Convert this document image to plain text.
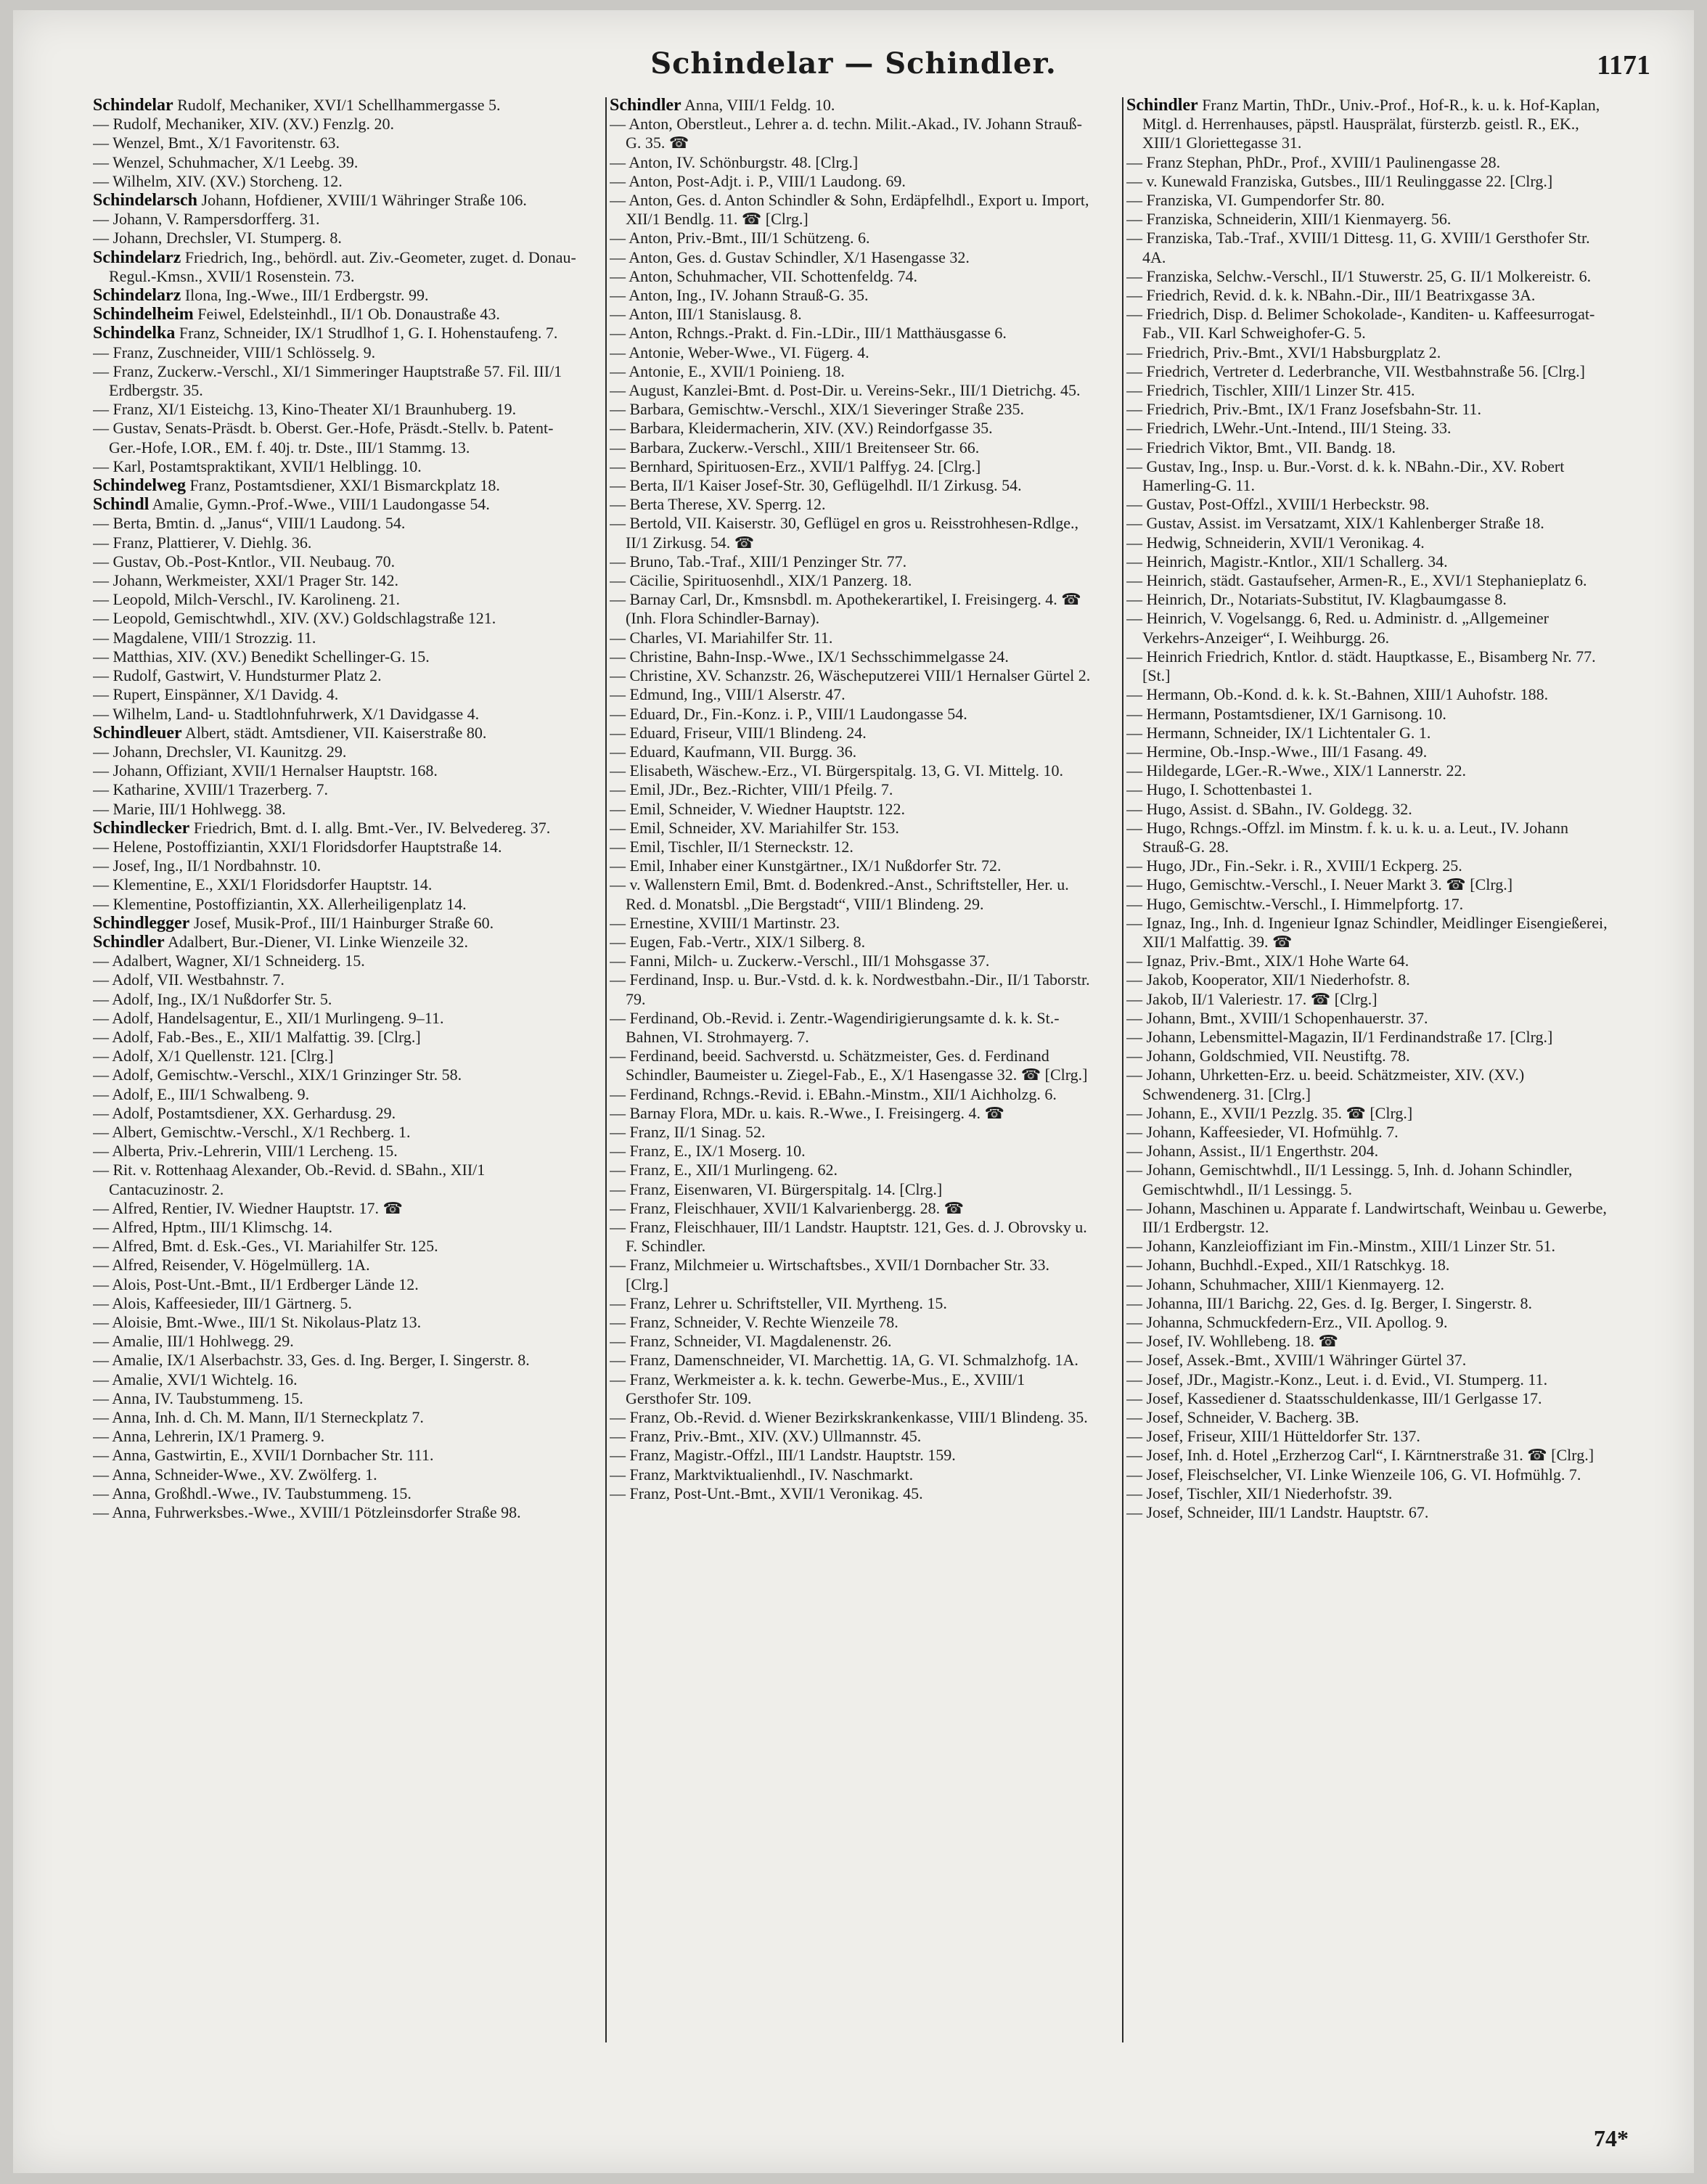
Schindelar — Schindler.	1171

Schindelar Rudolf, Mechaniker, XVI/1 Schellhammergasse 5.

— Rudolf, Mechaniker, XIV. (XV.) Fenzlg. 20.

— Wenzel, Bmt., X/1 Favoritenstr. 63.

— Wenzel, Schuhmacher, X/1 Leebg. 39.

— Wilhelm, XIV. (XV.) Storcheng. 12.

Schindelarsch Johann, Hofdiener, XVIII/1 Währinger Straße 106.

— Johann, V. Rampersdorfferg. 31.

— Johann, Drechsler, VI. Stumperg. 8.

Schindelarz Friedrich, Ing., behördl. aut. Ziv.-Geometer, zuget. d. Donau-Regul.-Kmsn., XVII/1 Rosenstein. 73.

Schindelarz Ilona, Ing.-Wwe., III/1 Erdbergstr. 99.

Schindelheim Feiwel, Edelsteinhdl., II/1 Ob. Donaustraße 43.

Schindelka Franz, Schneider, IX/1 Strudlhof 1, G. I. Hohenstaufeng. 7.

— Franz, Zuschneider, VIII/1 Schlösselg. 9.

— Franz, Zuckerw.-Verschl., XI/1 Simmeringer Hauptstraße 57. Fil. III/1 Erdbergstr. 35.

— Franz, XI/1 Eisteichg. 13, Kino-Theater XI/1 Braunhuberg. 19.

— Gustav, Senats-Präsdt. b. Oberst. Ger.-Hofe, Präsdt.-Stellv. b. Patent-Ger.-Hofe, I.OR., EM. f. 40j. tr. Dste., III/1 Stammg. 13.

— Karl, Postamtspraktikant, XVII/1 Helblingg. 10.

Schindelweg Franz, Postamtsdiener, XXI/1 Bismarckplatz 18.

Schindl Amalie, Gymn.-Prof.-Wwe., VIII/1 Laudongasse 54.

— Berta, Bmtin. d. „Janus“, VIII/1 Laudong. 54.

— Franz, Plattierer, V. Diehlg. 36.

— Gustav, Ob.-Post-Kntlor., VII. Neubaug. 70.

— Johann, Werkmeister, XXI/1 Prager Str. 142.

— Leopold, Milch-Verschl., IV. Karolineng. 21.

— Leopold, Gemischtwhdl., XIV. (XV.) Goldschlagstraße 121.

— Magdalene, VIII/1 Strozzig. 11.

— Matthias, XIV. (XV.) Benedikt Schellinger-G. 15.

— Rudolf, Gastwirt, V. Hundsturmer Platz 2.

— Rupert, Einspänner, X/1 Davidg. 4.

— Wilhelm, Land- u. Stadtlohnfuhrwerk, X/1 Davidgasse 4.

Schindleuer Albert, städt. Amtsdiener, VII. Kaiserstraße 80.

— Johann, Drechsler, VI. Kaunitzg. 29.

— Johann, Offiziant, XVII/1 Hernalser Hauptstr. 168.

— Katharine, XVIII/1 Trazerberg. 7.

— Marie, III/1 Hohlwegg. 38.

Schindlecker Friedrich, Bmt. d. I. allg. Bmt.-Ver., IV. Belvedereg. 37.

— Helene, Postoffiziantin, XXI/1 Floridsdorfer Hauptstraße 14.

— Josef, Ing., II/1 Nordbahnstr. 10.

— Klementine, E., XXI/1 Floridsdorfer Hauptstr. 14.

— Klementine, Postoffiziantin, XX. Allerheiligenplatz 14.

Schindlegger Josef, Musik-Prof., III/1 Hainburger Straße 60.

Schindler Adalbert, Bur.-Diener, VI. Linke Wienzeile 32.

— Adalbert, Wagner, XI/1 Schneiderg. 15.

— Adolf, VII. Westbahnstr. 7.

— Adolf, Ing., IX/1 Nußdorfer Str. 5.

— Adolf, Handelsagentur, E., XII/1 Murlingeng. 9–11.

— Adolf, Fab.-Bes., E., XII/1 Malfattig. 39. [Clrg.]

— Adolf, X/1 Quellenstr. 121. [Clrg.]

— Adolf, Gemischtw.-Verschl., XIX/1 Grinzinger Str. 58.

— Adolf, E., III/1 Schwalbeng. 9.

— Adolf, Postamtsdiener, XX. Gerhardusg. 29.

— Albert, Gemischtw.-Verschl., X/1 Rechberg. 1.

— Alberta, Priv.-Lehrerin, VIII/1 Lercheng. 15.

— Rit. v. Rottenhaag Alexander, Ob.-Revid. d. SBahn., XII/1 Cantacuzinostr. 2.

— Alfred, Rentier, IV. Wiedner Hauptstr. 17. ☎

— Alfred, Hptm., III/1 Klimschg. 14.

— Alfred, Bmt. d. Esk.-Ges., VI. Mariahilfer Str. 125.

— Alfred, Reisender, V. Högelmüllerg. 1A.

— Alois, Post-Unt.-Bmt., II/1 Erdberger Lände 12.

— Alois, Kaffeesieder, III/1 Gärtnerg. 5.

— Aloisie, Bmt.-Wwe., III/1 St. Nikolaus-Platz 13.

— Amalie, III/1 Hohlwegg. 29.

— Amalie, IX/1 Alserbachstr. 33, Ges. d. Ing. Berger, I. Singerstr. 8.

— Amalie, XVI/1 Wichtelg. 16.

— Anna, IV. Taubstummeng. 15.

— Anna, Inh. d. Ch. M. Mann, II/1 Sterneckplatz 7.

— Anna, Lehrerin, IX/1 Pramerg. 9.

— Anna, Gastwirtin, E., XVII/1 Dornbacher Str. 111.

— Anna, Schneider-Wwe., XV. Zwölferg. 1.

— Anna, Großhdl.-Wwe., IV. Taubstummeng. 15.

— Anna, Fuhrwerksbes.-Wwe., XVIII/1 Pötzleinsdorfer Straße 98.

Schindler Anna, VIII/1 Feldg. 10.

— Anton, Oberstleut., Lehrer a. d. techn. Milit.-Akad., IV. Johann Strauß-G. 35. ☎

— Anton, IV. Schönburgstr. 48. [Clrg.]

— Anton, Post-Adjt. i. P., VIII/1 Laudong. 69.

— Anton, Ges. d. Anton Schindler & Sohn, Erdäpfelhdl., Export u. Import, XII/1 Bendlg. 11. ☎ [Clrg.]

— Anton, Priv.-Bmt., III/1 Schützeng. 6.

— Anton, Ges. d. Gustav Schindler, X/1 Hasengasse 32.

— Anton, Schuhmacher, VII. Schottenfeldg. 74.

— Anton, Ing., IV. Johann Strauß-G. 35.

— Anton, III/1 Stanislausg. 8.

— Anton, Rchngs.-Prakt. d. Fin.-LDir., III/1 Matthäusgasse 6.

— Antonie, Weber-Wwe., VI. Fügerg. 4.

— Antonie, E., XVII/1 Poinieng. 18.

— August, Kanzlei-Bmt. d. Post-Dir. u. Vereins-Sekr., III/1 Dietrichg. 45.

— Barbara, Gemischtw.-Verschl., XIX/1 Sieveringer Straße 235.

— Barbara, Kleidermacherin, XIV. (XV.) Reindorfgasse 35.

— Barbara, Zuckerw.-Verschl., XIII/1 Breitenseer Str. 66.

— Bernhard, Spirituosen-Erz., XVII/1 Palffyg. 24. [Clrg.]

— Berta, II/1 Kaiser Josef-Str. 30, Geflügelhdl. II/1 Zirkusg. 54.

— Berta Therese, XV. Sperrg. 12.

— Bertold, VII. Kaiserstr. 30, Geflügel en gros u. Reisstrohhesen-Rdlge., II/1 Zirkusg. 54. ☎

— Bruno, Tab.-Traf., XIII/1 Penzinger Str. 77.

— Cäcilie, Spirituosenhdl., XIX/1 Panzerg. 18.

— Barnay Carl, Dr., Kmsnsbdl. m. Apothekerartikel, I. Freisingerg. 4. ☎ (Inh. Flora Schindler-Barnay).

— Charles, VI. Mariahilfer Str. 11.

— Christine, Bahn-Insp.-Wwe., IX/1 Sechsschimmelgasse 24.

— Christine, XV. Schanzstr. 26, Wäscheputzerei VIII/1 Hernalser Gürtel 2.

— Edmund, Ing., VIII/1 Alserstr. 47.

— Eduard, Dr., Fin.-Konz. i. P., VIII/1 Laudongasse 54.

— Eduard, Friseur, VIII/1 Blindeng. 24.

— Eduard, Kaufmann, VII. Burgg. 36.

— Elisabeth, Wäschew.-Erz., VI. Bürgerspitalg. 13, G. VI. Mittelg. 10.

— Emil, JDr., Bez.-Richter, VIII/1 Pfeilg. 7.

— Emil, Schneider, V. Wiedner Hauptstr. 122.

— Emil, Schneider, XV. Mariahilfer Str. 153.

— Emil, Tischler, II/1 Sterneckstr. 12.

— Emil, Inhaber einer Kunstgärtner., IX/1 Nußdorfer Str. 72.

— v. Wallenstern Emil, Bmt. d. Bodenkred.-Anst., Schriftsteller, Her. u. Red. d. Monatsbl. „Die Bergstadt“, VIII/1 Blindeng. 29.

— Ernestine, XVIII/1 Martinstr. 23.

— Eugen, Fab.-Vertr., XIX/1 Silberg. 8.

— Fanni, Milch- u. Zuckerw.-Verschl., III/1 Mohsgasse 37.

— Ferdinand, Insp. u. Bur.-Vstd. d. k. k. Nordwestbahn.-Dir., II/1 Taborstr. 79.

— Ferdinand, Ob.-Revid. i. Zentr.-Wagendirigierungsamte d. k. k. St.-Bahnen, VI. Strohmayerg. 7.

— Ferdinand, beeid. Sachverstd. u. Schätzmeister, Ges. d. Ferdinand Schindler, Baumeister u. Ziegel-Fab., E., X/1 Hasengasse 32. ☎ [Clrg.]

— Ferdinand, Rchngs.-Revid. i. EBahn.-Minstm., XII/1 Aichholzg. 6.

— Barnay Flora, MDr. u. kais. R.-Wwe., I. Freisingerg. 4. ☎

— Franz, II/1 Sinag. 52.

— Franz, E., IX/1 Moserg. 10.

— Franz, E., XII/1 Murlingeng. 62.

— Franz, Eisenwaren, VI. Bürgerspitalg. 14. [Clrg.]

— Franz, Fleischhauer, XVII/1 Kalvarienbergg. 28. ☎

— Franz, Fleischhauer, III/1 Landstr. Hauptstr. 121, Ges. d. J. Obrovsky u. F. Schindler.

— Franz, Milchmeier u. Wirtschaftsbes., XVII/1 Dornbacher Str. 33. [Clrg.]

— Franz, Lehrer u. Schriftsteller, VII. Myrtheng. 15.

— Franz, Schneider, V. Rechte Wienzeile 78.

— Franz, Schneider, VI. Magdalenenstr. 26.

— Franz, Damenschneider, VI. Marchettig. 1A, G. VI. Schmalzhofg. 1A.

— Franz, Werkmeister a. k. k. techn. Gewerbe-Mus., E., XVIII/1 Gersthofer Str. 109.

— Franz, Ob.-Revid. d. Wiener Bezirkskrankenkasse, VIII/1 Blindeng. 35.

— Franz, Priv.-Bmt., XIV. (XV.) Ullmannstr. 45.

— Franz, Magistr.-Offzl., III/1 Landstr. Hauptstr. 159.

— Franz, Marktviktualienhdl., IV. Naschmarkt.

— Franz, Post-Unt.-Bmt., XVII/1 Veronikag. 45.

Schindler Franz Martin, ThDr., Univ.-Prof., Hof-R., k. u. k. Hof-Kaplan, Mitgl. d. Herrenhauses, päpstl. Hausprälat, fürsterzb. geistl. R., EK., XIII/1 Gloriettegasse 31.

— Franz Stephan, PhDr., Prof., XVIII/1 Paulinengasse 28.

— v. Kunewald Franziska, Gutsbes., III/1 Reulinggasse 22. [Clrg.]

— Franziska, VI. Gumpendorfer Str. 80.

— Franziska, Schneiderin, XIII/1 Kienmayerg. 56.

— Franziska, Tab.-Traf., XVIII/1 Dittesg. 11, G. XVIII/1 Gersthofer Str. 4A.

— Franziska, Selchw.-Verschl., II/1 Stuwerstr. 25, G. II/1 Molkereistr. 6.

— Friedrich, Revid. d. k. k. NBahn.-Dir., III/1 Beatrixgasse 3A.

— Friedrich, Disp. d. Belimer Schokolade-, Kanditen- u. Kaffeesurrogat-Fab., VII. Karl Schweighofer-G. 5.

— Friedrich, Priv.-Bmt., XVI/1 Habsburgplatz 2.

— Friedrich, Vertreter d. Lederbranche, VII. Westbahnstraße 56. [Clrg.]

— Friedrich, Tischler, XIII/1 Linzer Str. 415.

— Friedrich, Priv.-Bmt., IX/1 Franz Josefsbahn-Str. 11.

— Friedrich, LWehr.-Unt.-Intend., III/1 Steing. 33.

— Friedrich Viktor, Bmt., VII. Bandg. 18.

— Gustav, Ing., Insp. u. Bur.-Vorst. d. k. k. NBahn.-Dir., XV. Robert Hamerling-G. 11.

— Gustav, Post-Offzl., XVIII/1 Herbeckstr. 98.

— Gustav, Assist. im Versatzamt, XIX/1 Kahlenberger Straße 18.

— Hedwig, Schneiderin, XVII/1 Veronikag. 4.

— Heinrich, Magistr.-Kntlor., XII/1 Schallerg. 34.

— Heinrich, städt. Gastaufseher, Armen-R., E., XVI/1 Stephanieplatz 6.

— Heinrich, Dr., Notariats-Substitut, IV. Klagbaumgasse 8.

— Heinrich, V. Vogelsangg. 6, Red. u. Administr. d. „Allgemeiner Verkehrs-Anzeiger“, I. Weihburgg. 26.

— Heinrich Friedrich, Kntlor. d. städt. Hauptkasse, E., Bisamberg Nr. 77. [St.]

— Hermann, Ob.-Kond. d. k. k. St.-Bahnen, XIII/1 Auhofstr. 188.

— Hermann, Postamtsdiener, IX/1 Garnisong. 10.

— Hermann, Schneider, IX/1 Lichtentaler G. 1.

— Hermine, Ob.-Insp.-Wwe., III/1 Fasang. 49.

— Hildegarde, LGer.-R.-Wwe., XIX/1 Lannerstr. 22.

— Hugo, I. Schottenbastei 1.

— Hugo, Assist. d. SBahn., IV. Goldegg. 32.

— Hugo, Rchngs.-Offzl. im Minstm. f. k. u. k. u. a. Leut., IV. Johann Strauß-G. 28.

— Hugo, JDr., Fin.-Sekr. i. R., XVIII/1 Eckperg. 25.

— Hugo, Gemischtw.-Verschl., I. Neuer Markt 3. ☎ [Clrg.]

— Hugo, Gemischtw.-Verschl., I. Himmelpfortg. 17.

— Ignaz, Ing., Inh. d. Ingenieur Ignaz Schindler, Meidlinger Eisengießerei, XII/1 Malfattig. 39. ☎

— Ignaz, Priv.-Bmt., XIX/1 Hohe Warte 64.

— Jakob, Kooperator, XII/1 Niederhofstr. 8.

— Jakob, II/1 Valeriestr. 17. ☎ [Clrg.]

— Johann, Bmt., XVIII/1 Schopenhauerstr. 37.

— Johann, Lebensmittel-Magazin, II/1 Ferdinandstraße 17. [Clrg.]

— Johann, Goldschmied, VII. Neustiftg. 78.

— Johann, Uhrketten-Erz. u. beeid. Schätzmeister, XIV. (XV.) Schwendenerg. 31. [Clrg.]

— Johann, E., XVII/1 Pezzlg. 35. ☎ [Clrg.]

— Johann, Kaffeesieder, VI. Hofmühlg. 7.

— Johann, Assist., II/1 Engerthstr. 204.

— Johann, Gemischtwhdl., II/1 Lessingg. 5, Inh. d. Johann Schindler, Gemischtwhdl., II/1 Lessingg. 5.

— Johann, Maschinen u. Apparate f. Landwirtschaft, Weinbau u. Gewerbe, III/1 Erdbergstr. 12.

— Johann, Kanzleioffiziant im Fin.-Minstm., XIII/1 Linzer Str. 51.

— Johann, Buchhdl.-Exped., XII/1 Ratschkyg. 18.

— Johann, Schuhmacher, XIII/1 Kienmayerg. 12.

— Johanna, III/1 Barichg. 22, Ges. d. Ig. Berger, I. Singerstr. 8.

— Johanna, Schmuckfedern-Erz., VII. Apollog. 9.

— Josef, IV. Wohllebeng. 18. ☎

— Josef, Assek.-Bmt., XVIII/1 Währinger Gürtel 37.

— Josef, JDr., Magistr.-Konz., Leut. i. d. Evid., VI. Stumperg. 11.

— Josef, Kassediener d. Staatsschuldenkasse, III/1 Gerlgasse 17.

— Josef, Schneider, V. Bacherg. 3B.

— Josef, Friseur, XIII/1 Hütteldorfer Str. 137.

— Josef, Inh. d. Hotel „Erzherzog Carl“, I. Kärntnerstraße 31. ☎ [Clrg.]

— Josef, Fleischselcher, VI. Linke Wienzeile 106, G. VI. Hofmühlg. 7.

— Josef, Tischler, XII/1 Niederhofstr. 39.

— Josef, Schneider, III/1 Landstr. Hauptstr. 67.

74*
